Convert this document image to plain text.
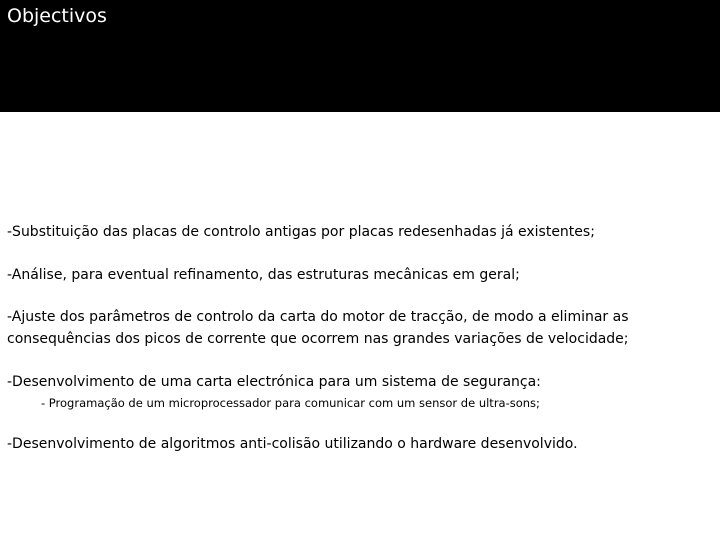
Objectivos
-Substituição das placas de controlo antigas por placas redesenhadas já existentes;
-Análise, para eventual refinamento, das estruturas mecânicas em geral;
-Ajuste dos parâmetros de controlo da carta do motor de tracção, de modo a eliminar as
consequências dos picos de corrente que ocorrem nas grandes variações de velocidade;
-Desenvolvimento de uma carta electrónica para um sistema de segurança:
- Programação de um microprocessador para comunicar com um sensor de ultra-sons;
-Desenvolvimento de algoritmos anti-colisão utilizando o hardware desenvolvido.
